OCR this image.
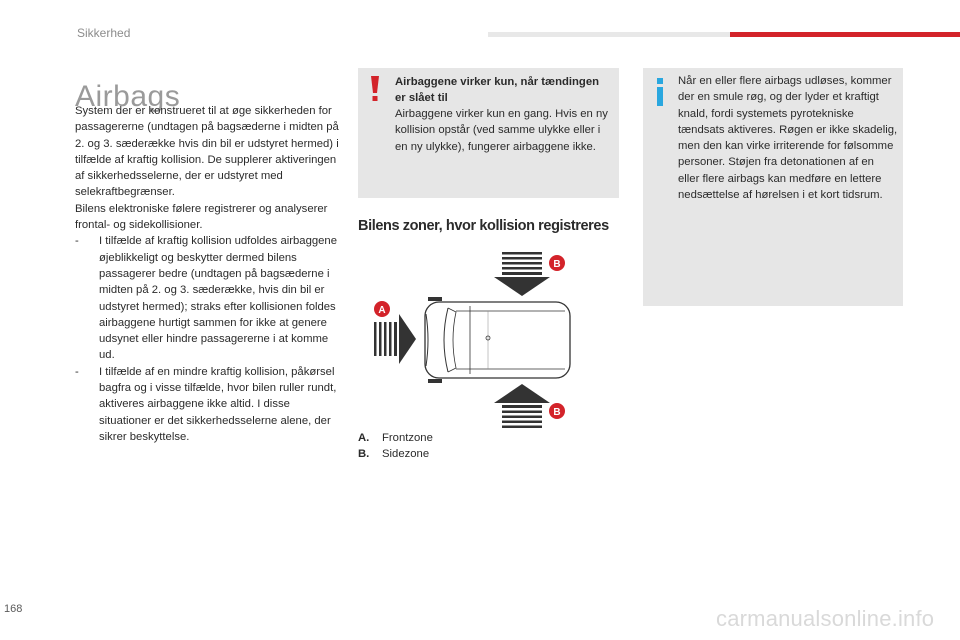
Sikkerhed
Airbags

System der er konstrueret til at øge sikkerheden for passagererne (undtagen på bagsæderne i midten på 2. og 3. sæderække hvis din bil er udstyret hermed) i tilfælde af kraftig kollision. De supplerer aktiveringen af sikkerhedsselerne, der er udstyret med selekraftbegrænser.

Bilens elektroniske følere registrerer og analyserer frontal- og sidekollisioner.

- I tilfælde af kraftig kollision udfoldes airbaggene øjeblikkeligt og beskytter dermed bilens passagerer bedre (undtagen på bagsæderne i midten på 2. og 3. sæderække, hvis din bil er udstyret hermed); straks efter kollisionen foldes airbaggene hurtigt sammen for ikke at genere udsynet eller hindre passagererne i at komme ud.
- I tilfælde af en mindre kraftig kollision, påkørsel bagfra og i visse tilfælde, hvor bilen ruller rundt, aktiveres airbaggene ikke altid. I disse situationer er det sikkerhedsselerne alene, der sikrer beskyttelse.
Airbaggene virker kun, når tændingen er slået til
Airbaggene virker kun en gang. Hvis en ny kollision opstår (ved samme ulykke eller i en ny ulykke), fungerer airbaggene ikke.
Bilens zoner, hvor kollision registreres
B
A
B
A.	Frontzone
B.	Sidezone
Når en eller flere airbags udløses, kommer der en smule røg, og der lyder et kraftigt knald, fordi systemets pyrotekniske tændsats aktiveres. Røgen er ikke skadelig, men den kan virke irriterende for følsomme personer. Støjen fra detonationen af en eller flere airbags kan medføre en lettere nedsættelse af hørelsen i et kort tidsrum.
168	carmanualsonline.info
